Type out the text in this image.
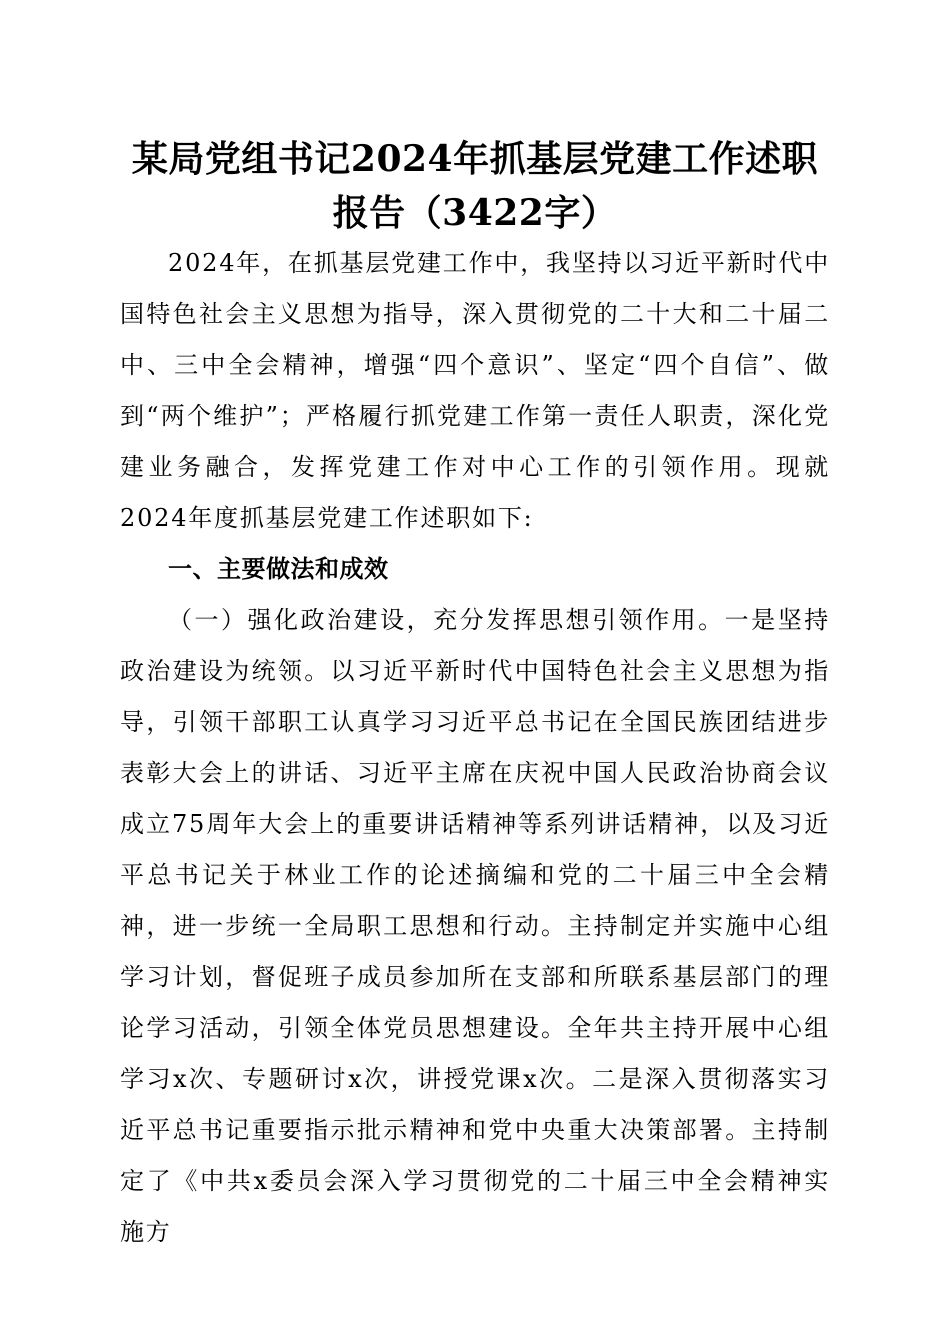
某局党组书记2024年抓基层党建工作述职报告（3422字）

2024年，在抓基层党建工作中，我坚持以习近平新时代中国特色社会主义思想为指导，深入贯彻党的二十大和二十届二中、三中全会精神，增强“四个意识”、坚定“四个自信”、做到“两个维护”；严格履行抓党建工作第一责任人职责，深化党建业务融合，发挥党建工作对中心工作的引领作用。现就2024年度抓基层党建工作述职如下:

一、主要做法和成效

（一）强化政治建设，充分发挥思想引领作用。一是坚持政治建设为统领。以习近平新时代中国特色社会主义思想为指导，引领干部职工认真学习习近平总书记在全国民族团结进步表彰大会上的讲话、习近平主席在庆祝中国人民政治协商会议成立75周年大会上的重要讲话精神等系列讲话精神，以及习近平总书记关于林业工作的论述摘编和党的二十届三中全会精神，进一步统一全局职工思想和行动。主持制定并实施中心组学习计划，督促班子成员参加所在支部和所联系基层部门的理论学习活动，引领全体党员思想建设。全年共主持开展中心组学习x次、专题研讨x次，讲授党课x次。二是深入贯彻落实习近平总书记重要指示批示精神和党中央重大决策部署。主持制定了《中共x委员会深入学习贯彻党的二十届三中全会精神实施方
